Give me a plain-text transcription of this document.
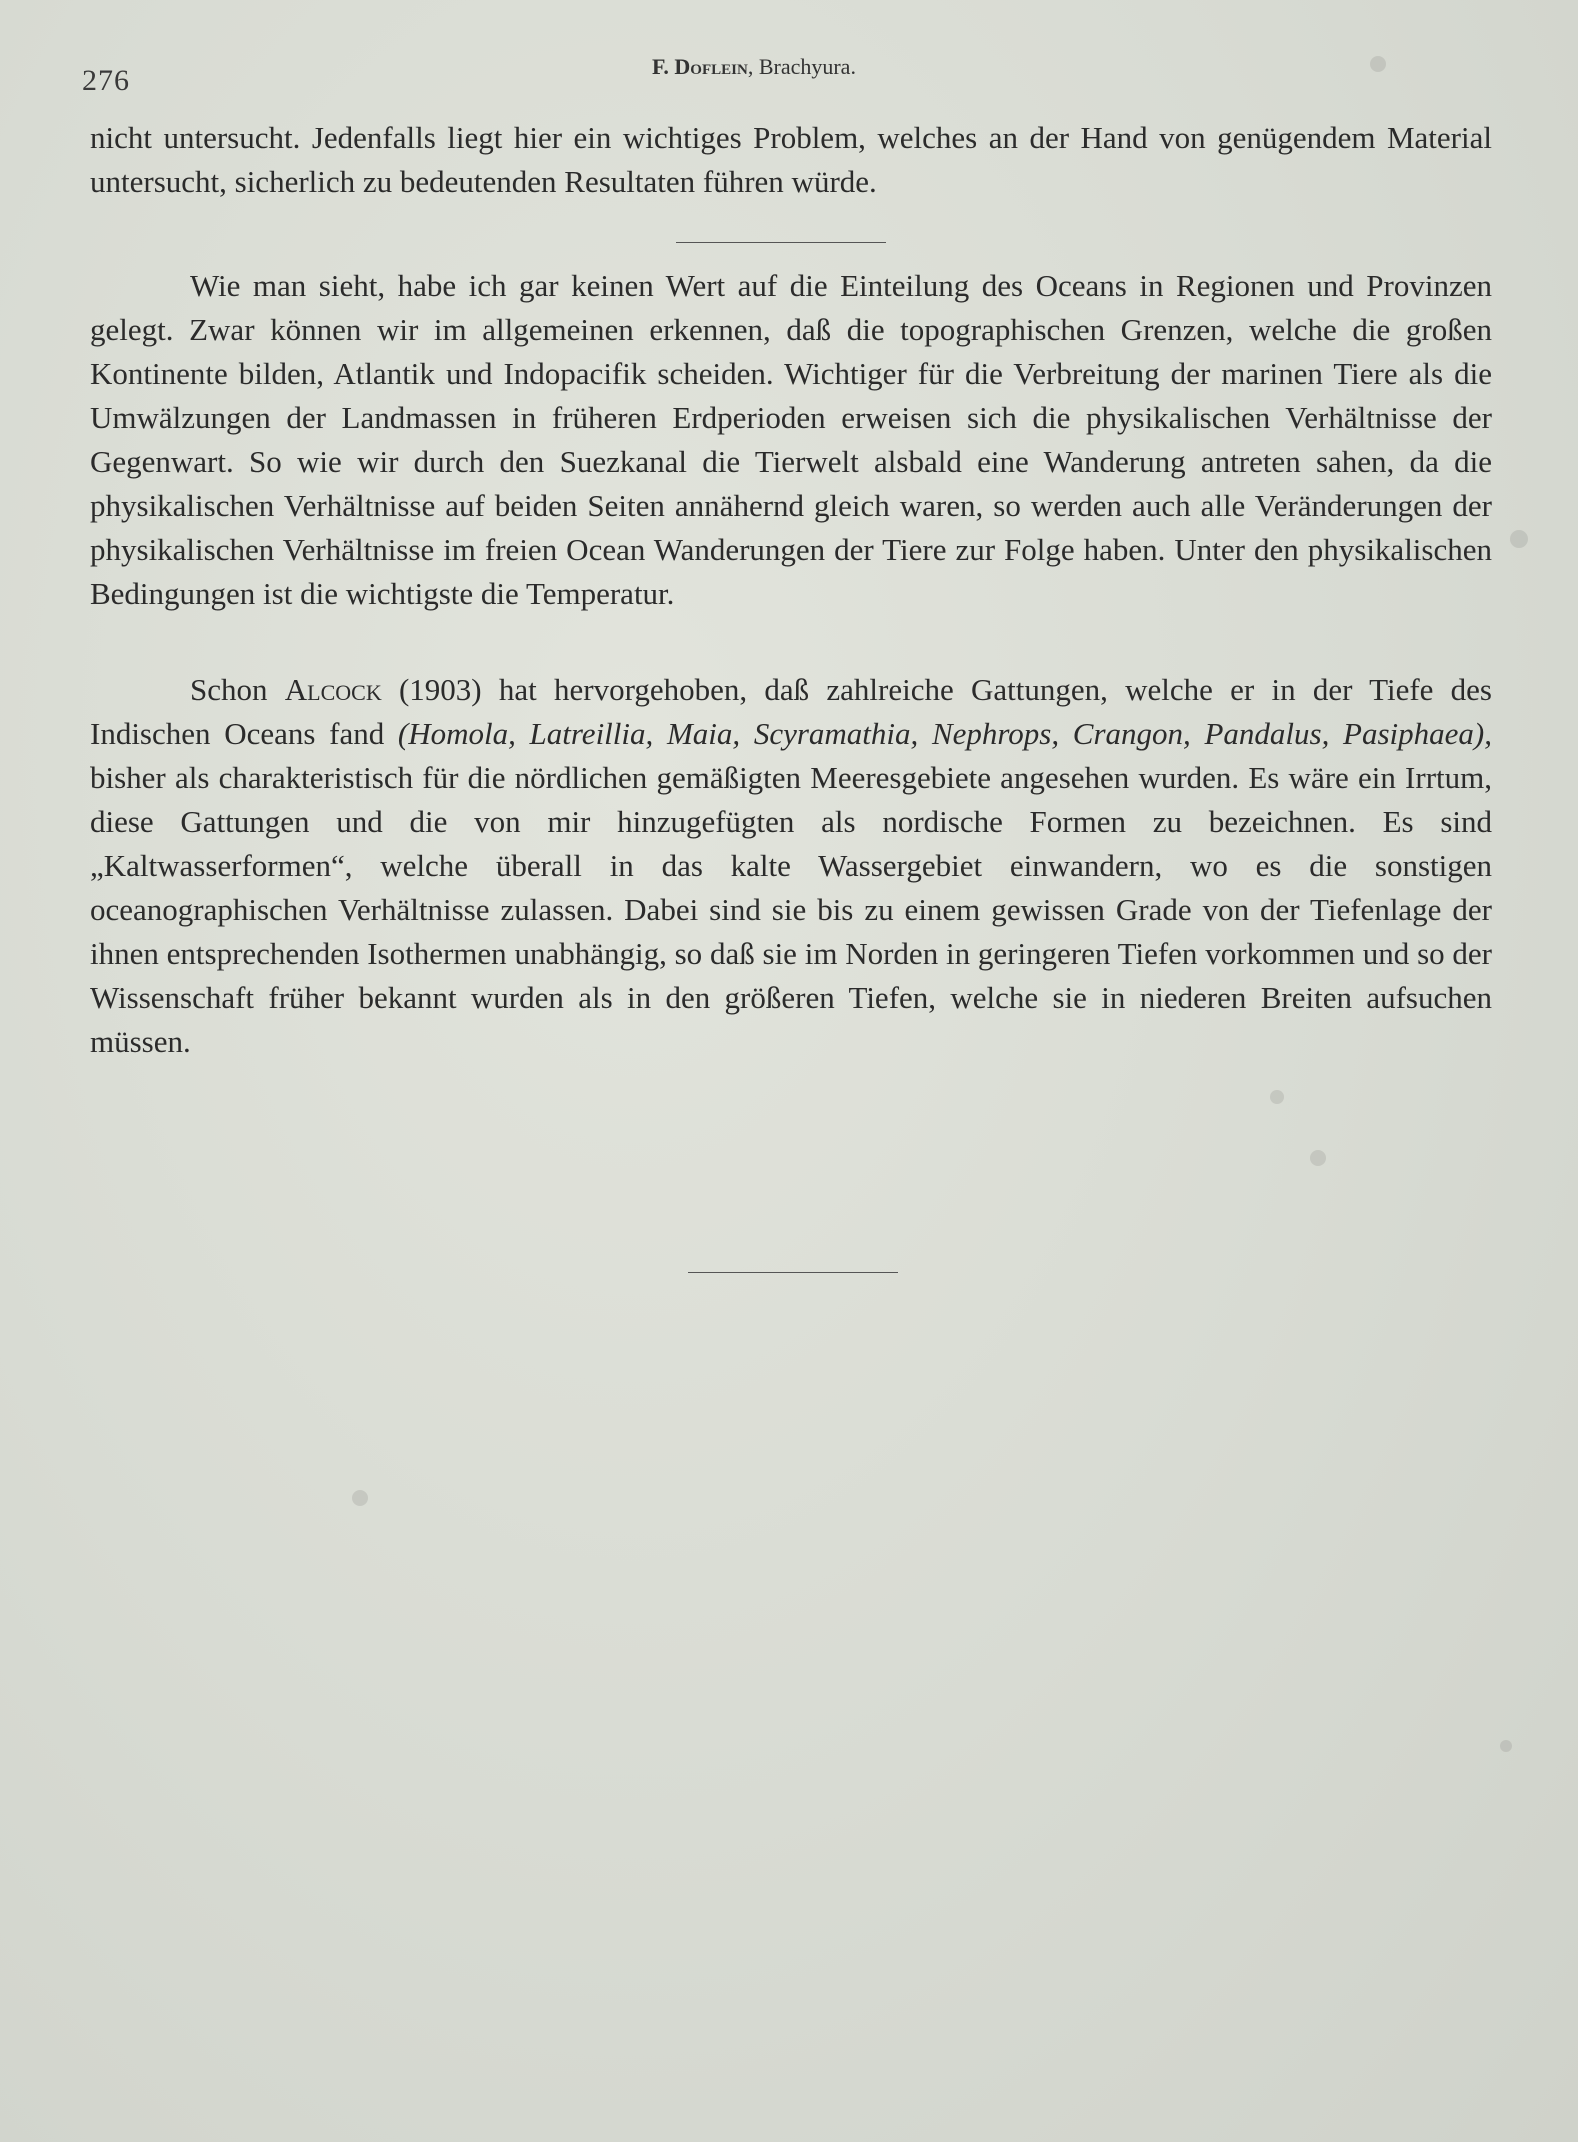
276	F. Doflein, Brachyura.

nicht untersucht. Jedenfalls liegt hier ein wichtiges Problem, welches an der Hand von genügendem Material untersucht, sicherlich zu bedeutenden Resultaten führen würde.

Wie man sieht, habe ich gar keinen Wert auf die Einteilung des Oceans in Regionen und Provinzen gelegt. Zwar können wir im allgemeinen erkennen, daß die topographischen Grenzen, welche die großen Kontinente bilden, Atlantik und Indopacifik scheiden. Wichtiger für die Verbreitung der marinen Tiere als die Umwälzungen der Landmassen in früheren Erdperioden erweisen sich die physikalischen Verhältnisse der Gegenwart. So wie wir durch den Suezkanal die Tierwelt alsbald eine Wanderung antreten sahen, da die physikalischen Verhältnisse auf beiden Seiten annähernd gleich waren, so werden auch alle Veränderungen der physikalischen Verhältnisse im freien Ocean Wanderungen der Tiere zur Folge haben. Unter den physikalischen Bedingungen ist die wichtigste die Temperatur.

Schon Alcock (1903) hat hervorgehoben, daß zahlreiche Gattungen, welche er in der Tiefe des Indischen Oceans fand (Homola, Latreillia, Maia, Scyramathia, Nephrops, Crangon, Pandalus, Pasiphaea), bisher als charakteristisch für die nördlichen gemäßigten Meeresgebiete angesehen wurden. Es wäre ein Irrtum, diese Gattungen und die von mir hinzugefügten als nordische Formen zu bezeichnen. Es sind „Kaltwasserformen“, welche überall in das kalte Wassergebiet einwandern, wo es die sonstigen oceanographischen Verhältnisse zulassen. Dabei sind sie bis zu einem gewissen Grade von der Tiefenlage der ihnen entsprechenden Isothermen unabhängig, so daß sie im Norden in geringeren Tiefen vorkommen und so der Wissenschaft früher bekannt wurden als in den größeren Tiefen, welche sie in niederen Breiten aufsuchen müssen.
